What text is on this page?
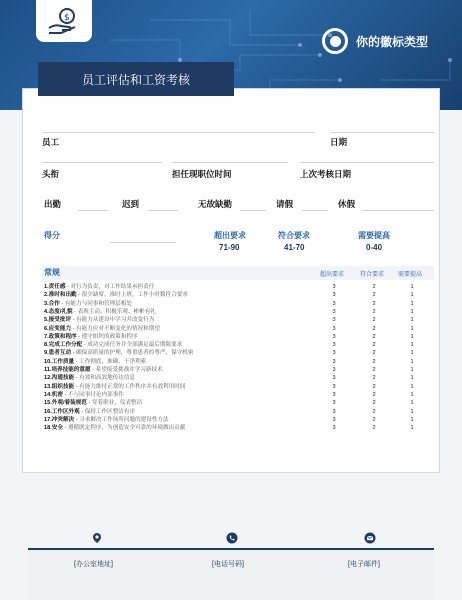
$
你的徽标类型
员工评估和工资考核
员工	日期
头衔	担任现职位时间	上次考核日期
出勤	迟到	无故缺勤	请假	休假
得分	超出要求
71-90
符合要求
41-70
需要提高
0-40
常规	超出要求	符合要求 需要提高
1.责任感 - 对行为负责，对工作结果承担责任	3	2	1
2.准时和出勤 - 很少缺席，准时上班，工作小时数符合要求	3	2	1
3.合作 - 有能力与同事和管理层相处	3	2	1
4.态度/礼貌 - 表现主动、积极乐观、彬彬有礼	3	2	1
5.接受批评 - 有能力从建设中学习并改变行为	3	2	1
6.应变能力 - 有能力应对不断变化的情况和期望	3	2	1
7.政策和程序 - 遵守组织的政策和程序	3	2	1
8.完成工作分配 - 成功完成任务并全部满足最后期限要求	3	2	1
9.患者互动 - 确保高质量的护理，尊重患者的尊严，保守机密	3	2	1
10.工作质量 - 工作彻底、准确、干净利索	3	2	1
11.培养技能的意愿 - 希望接受挑战并学习新技术	3	2	1
12.沟通技能 - 有效和高效地传达信息	3	2	1
13.组织技能 - 有能力维持正常的工作秩序并有效利用时间	3	2	1
14.机密 - 不与同事讨论内部事件	3	2	1
15.外观/着装规范 - 穿着职业，仪表整洁	3	2	1
16.工作区外观 - 保持工作区整洁有序	3	2	1
17.冲突解决 - 寻求解决工作场所问题的建设性方法	3	2	1
18.安全 - 遵循既定程序，为创造安全可靠的环境做出贡献	3	2	1
[办公室地址]	[电话号码]	[电子邮件]
